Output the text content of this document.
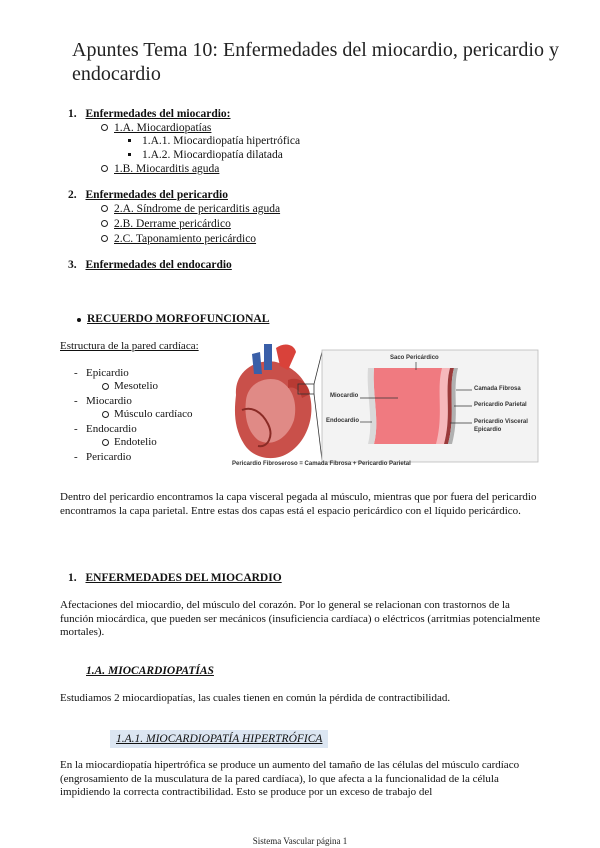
Apuntes Tema 10: Enfermedades del miocardio, pericardio y endocardio
1. Enfermedades del miocardio:
1.A. Miocardiopatías
1.A.1. Miocardiopatía hipertrófica
1.A.2. Miocardiopatía dilatada
1.B. Miocarditis aguda
2. Enfermedades del pericardio
2.A. Síndrome de pericarditis aguda
2.B. Derrame pericárdico
2.C. Taponamiento pericárdico
3. Enfermedades del endocardio
RECUERDO MORFOFUNCIONAL
Estructura de la pared cardíaca:
- Epicardio
Mesotelio
- Miocardio
Músculo cardíaco
- Endocardio
Endotelio
- Pericardio
Saco Pericárdico
Miocardio
Endocardio
Camada Fibrosa
Pericardio Parietal
Pericardio Visceral
Epicardio
Pericardio Fibroseroso = Camada Fibrosa + Pericardio Parietal
Dentro del pericardio encontramos la capa visceral pegada al músculo, mientras que por fuera del pericardio encontramos la capa parietal. Entre estas dos capas está el espacio pericárdico con el líquido pericárdico.
1. ENFERMEDADES DEL MIOCARDIO
Afectaciones del miocardio, del músculo del corazón. Por lo general se relacionan con trastornos de la función miocárdica, que pueden ser mecánicos (insuficiencia cardíaca) o eléctricos (arritmias potencialmente mortales).
1.A. MIOCARDIOPATÍAS
Estudiamos 2 miocardiopatías, las cuales tienen en común la pérdida de contractibilidad.
1.A.1. MIOCARDIOPATÍA HIPERTRÓFICA
En la miocardiopatía hipertrófica se produce un aumento del tamaño de las células del músculo cardíaco (engrosamiento de la musculatura de la pared cardíaca), lo que afecta a la funcionalidad de la célula impidiendo la correcta contractibilidad. Esto se produce por un exceso de trabajo del
Sistema Vascular página 1
